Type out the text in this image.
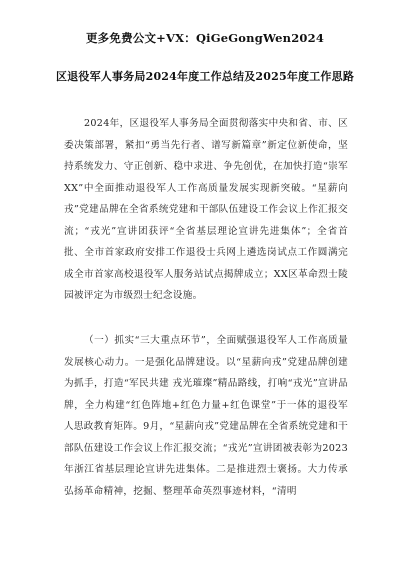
更多免费公文+VX：QiGeGongWen2024
区退役军人事务局2024年度工作总结及2025年度工作思路
2024年，区退役军人事务局全面贯彻落实中央和省、市、区委决策部署，紧扣“勇当先行者、谱写新篇章”新定位新使命，坚持系统发力、守正创新、稳中求进、争先创优，在加快打造“崇军XX”中全面推动退役军人工作高质量发展实现新突破。“星薪向戎”党建品牌在全省系统党建和干部队伍建设工作会议上作汇报交流；“戎光”宣讲团获评“全省基层理论宣讲先进集体”；全省首批、全市首家政府安排工作退役士兵网上遴选岗试点工作圆满完成全市首家高校退役军人服务站试点揭牌成立；XX区革命烈士陵园被评定为市级烈士纪念设施。
（一）抓实“三大重点环节”，全面赋强退役军人工作高质量发展核心动力。一是强化品牌建设。以“星薪向戎”党建品牌创建为抓手，打造“军民共建 戎光璀璨”精品路线，打响“戎光”宣讲品牌，全力构建“红色阵地+红色力量+红色课堂”于一体的退役军人思政教育矩阵。9月，“星薪向戎”党建品牌在全省系统党建和干部队伍建设工作会议上作汇报交流；“戎光”宣讲团被表彰为2023年浙江省基层理论宣讲先进集体。二是推进烈士褒扬。大力传承弘扬革命精神，挖掘、整理革命英烈事迹材料，“清明
